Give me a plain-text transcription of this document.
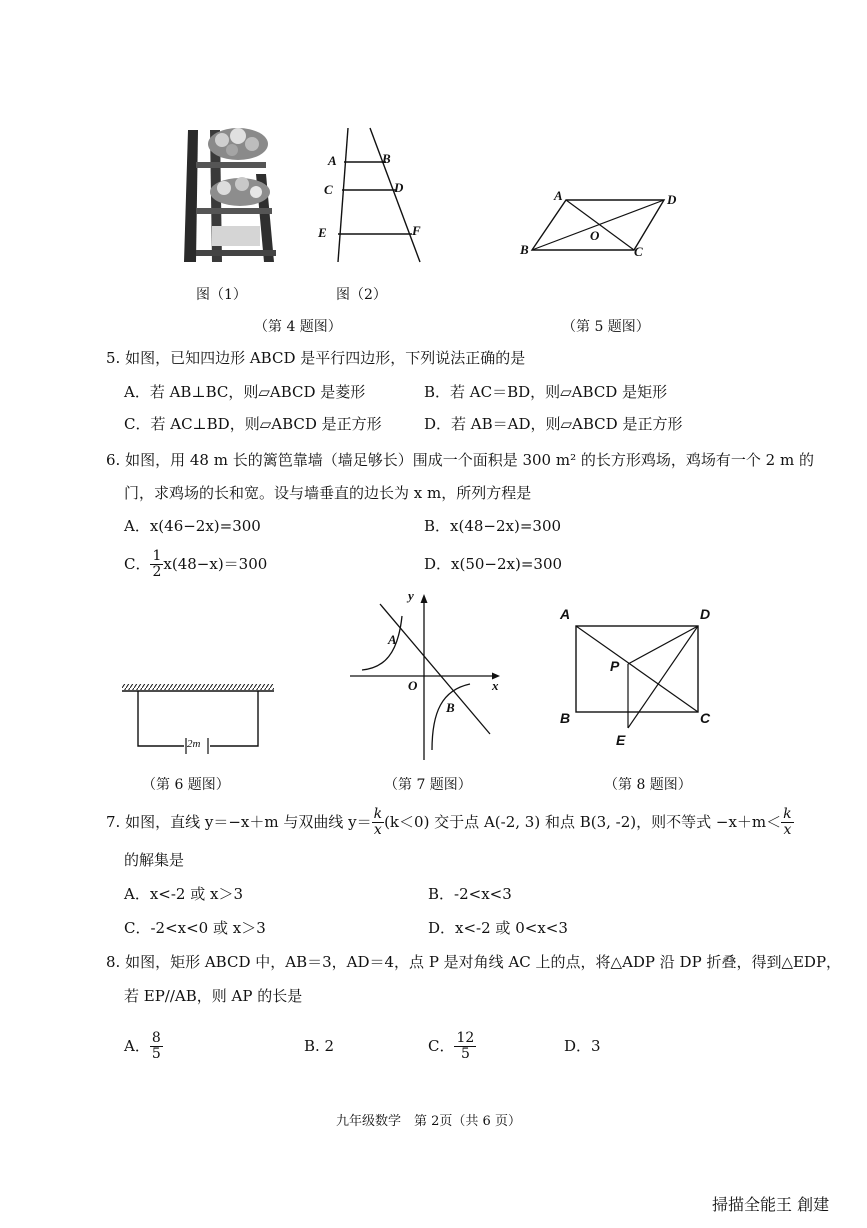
图（1）
A	B
C	D
E	F
图（2）
（第 4 题图）
A	D
O
B	C
（第 5 题图）
5. 如图，已知四边形 ABCD 是平行四边形，下列说法正确的是
A．若 AB⊥BC，则▱ABCD 是菱形	B．若 AC＝BD，则▱ABCD 是矩形
C．若 AC⊥BD，则▱ABCD 是正方形	D．若 AB＝AD，则▱ABCD 是正方形
6. 如图，用 48 m 长的篱笆靠墙（墙足够长）围成一个面积是 300 m² 的长方形鸡场，鸡场有一个 2 m 的
门，求鸡场的长和宽。设与墙垂直的边长为 x m，所列方程是
A．x(46−2x)=300	B．x(48−2x)=300
C． $\frac{1}{2} x(48-x)=300$	D．x(50−2x)=300
2m
（第 6 题图）
y
x
O
A
B
（第 7 题图）
A	D
P
B	C
E
（第 8 题图）
7. 如图，直线 y＝−x＋m 与双曲线 $y= \frac{k}{x} (k<0)$ 交于点 A(-2, 3) 和点 B(3, -2)，则不等式 $-x+m< \frac{k}{x}$
的解集是
A．x<-2 或 x＞3	B．-2<x<3
C．-2<x<0 或 x＞3	D．x<-2 或 0<x<3
8. 如图，矩形 ABCD 中，AB＝3，AD＝4，点 P 是对角线 AC 上的点，将△ADP 沿 DP 折叠，得到△EDP，
若 EP//AB，则 AP 的长是
A． $\frac{8}{5}$	B. 2	C． $\frac{12}{5}$	D．3
九年级数学　第 2页（共 6 页）
掃描全能王 創建
